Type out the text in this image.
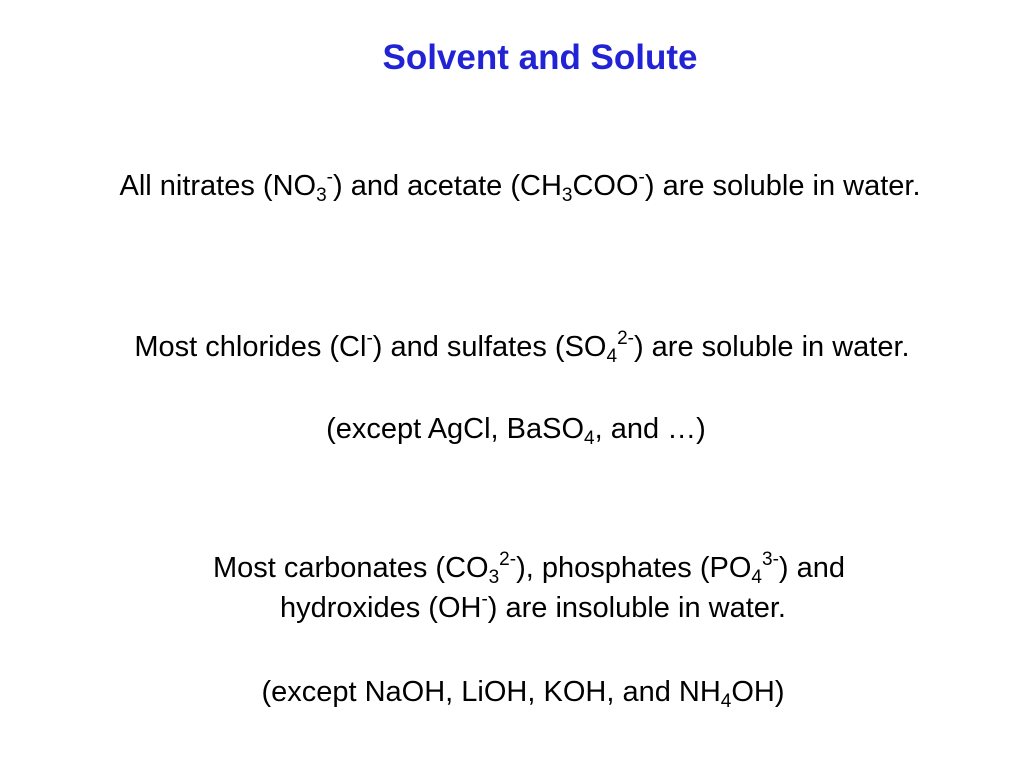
Solvent and Solute
All nitrates $(NO_3^-)$ and acetate $(CH_3COO^-)$ are soluble in water.
Most chlorides (Cl-) and sulfates $(SO_4^{2-})$ are soluble in water.
(except AgCl, BaSO$_4$, and …)
Most carbonates $(CO_3^{2-})$, phosphates $(PO_4^{3-})$ and
hydroxides (OH-) are insoluble in water.
(except NaOH, LiOH, KOH, and $NH_4OH$)
